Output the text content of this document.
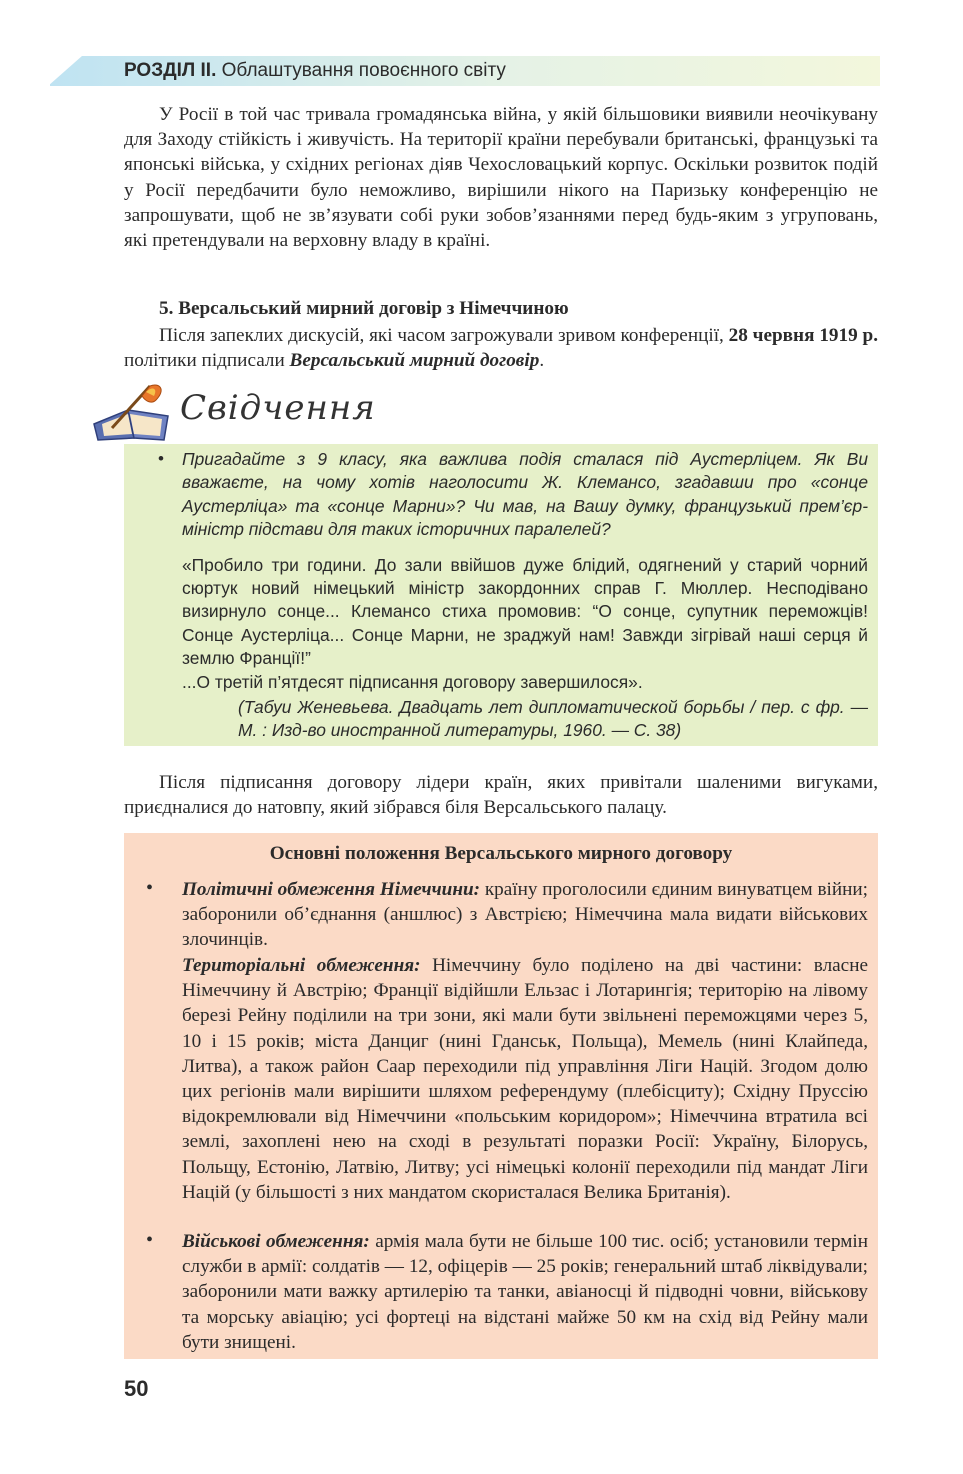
РОЗДІЛ ІІ. Облаштування повоєнного світу

У Росії в той час тривала громадянська війна, у якій більшовики виявили неочікувану для Заходу стійкість і живучість. На території країни перебували британські, французькі та японські війська, у східних регіонах діяв Чехословацький корпус. Оскільки розвиток подій у Росії передбачити було неможливо, вирішили нікого на Паризьку конференцію не запрошувати, щоб не зв’язувати собі руки зобов’язаннями перед будь-яким з угруповань, які претендували на верховну владу в країні.

5. Версальський мирний договір з Німеччиною

Після запеклих дискусій, які часом загрожували зривом конференції, 28 червня 1919 р. політики підписали Версальський мирний договір.

Свідчення
• Пригадайте з 9 класу, яка важлива подія сталася під Аустерліцем. Як Ви вважаєте, на чому хотів наголосити Ж. Клемансо, згадавши про «сонце Аустерліца» та «сонце Марни»? Чи мав, на Вашу думку, французький прем’єр-міністр підстави для таких історичних паралелей?

«Пробило три години. До зали ввійшов дуже блідий, одягнений у старий чорний сюртук новий німецький міністр закордонних справ Г. Мюллер. Несподівано визирнуло сонце... Клемансо стиха промовив: “О сонце, супутник переможців! Сонце Аустерліца... Сонце Марни, не зраджуй нам! Завжди зігрівай наші серця й землю Франції!”
...О третій п’ятдесят підписання договору завершилося».

(Табуи Женевьева. Двадцать лет дипломатической борьбы / пер. с фр. — М. : Изд-во иностранной литературы, 1960. — С. 38)

Після підписання договору лідери країн, яких привітали шаленими вигуками, приєдналися до натовпу, який зібрався біля Версальського палацу.

Основні положення Версальського мирного договору

• Політичні обмеження Німеччини: країну проголосили єдиним винуватцем війни; заборонили об’єднання (аншлюс) з Австрією; Німеччина мала видати військових злочинців.

Територіальні обмеження: Німеччину було поділено на дві частини: власне Німеччину й Австрію; Франції відійшли Ельзас і Лотарингія; територію на лівому березі Рейну поділили на три зони, які мали бути звільнені переможцями через 5, 10 і 15 років; міста Данциг (нині Гданськ, Польща), Мемель (нині Клайпеда, Литва), а також район Саар переходили під управління Ліги Націй. Згодом долю цих регіонів мали вирішити шляхом референдуму (плебісциту); Східну Пруссію відокремлювали від Німеччини «польським коридором»; Німеччина втратила всі землі, захоплені нею на сході в результаті поразки Росії: Україну, Білорусь, Польщу, Естонію, Латвію, Литву; усі німецькі колонії переходили під мандат Ліги Націй (у більшості з них мандатом скористалася Велика Британія).

• Військові обмеження: армія мала бути не більше 100 тис. осіб; установили термін служби в армії: солдатів — 12, офіцерів — 25 років; генеральний штаб ліквідували; заборонили мати важку артилерію та танки, авіаносці й підводні човни, військову та морську авіацію; усі фортеці на відстані майже 50 км на схід від Рейну мали бути знищені.

50
